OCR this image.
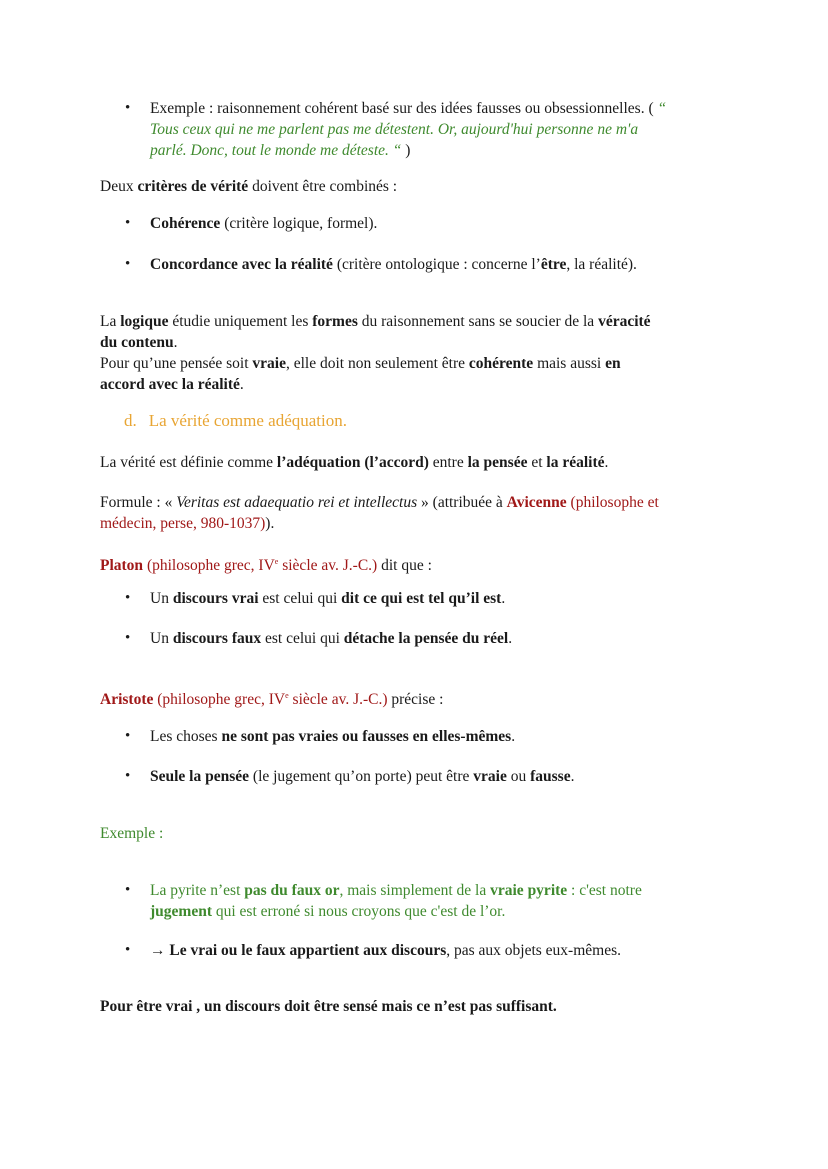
• Exemple : raisonnement cohérent basé sur des idées fausses ou obsessionnelles. ( “
Tous ceux qui ne me parlent pas me détestent. Or, aujourd'hui personne ne m'a
parlé. Donc, tout le monde me déteste. “ )
Deux critères de vérité doivent être combinés :
• Cohérence (critère logique, formel).
• Concordance avec la réalité (critère ontologique : concerne l’être, la réalité).
La logique étudie uniquement les formes du raisonnement sans se soucier de la véracité
du contenu.
Pour qu’une pensée soit vraie, elle doit non seulement être cohérente mais aussi en
accord avec la réalité.
d. La vérité comme adéquation.
La vérité est définie comme l’adéquation (l’accord) entre la pensée et la réalité.
Formule : « Veritas est adaequatio rei et intellectus » (attribuée à Avicenne (philosophe et
médecin, perse, 980-1037)).
Platon (philosophe grec, IVe siècle av. J.-C.) dit que :
• Un discours vrai est celui qui dit ce qui est tel qu’il est.
• Un discours faux est celui qui détache la pensée du réel.
Aristote (philosophe grec, IVe siècle av. J.-C.) précise :
• Les choses ne sont pas vraies ou fausses en elles-mêmes.
• Seule la pensée (le jugement qu’on porte) peut être vraie ou fausse.
Exemple :
• La pyrite n’est pas du faux or, mais simplement de la vraie pyrite : c'est notre
jugement qui est erroné si nous croyons que c'est de l’or.
• → Le vrai ou le faux appartient aux discours, pas aux objets eux-mêmes.
Pour être vrai , un discours doit être sensé mais ce n’est pas suffisant.
